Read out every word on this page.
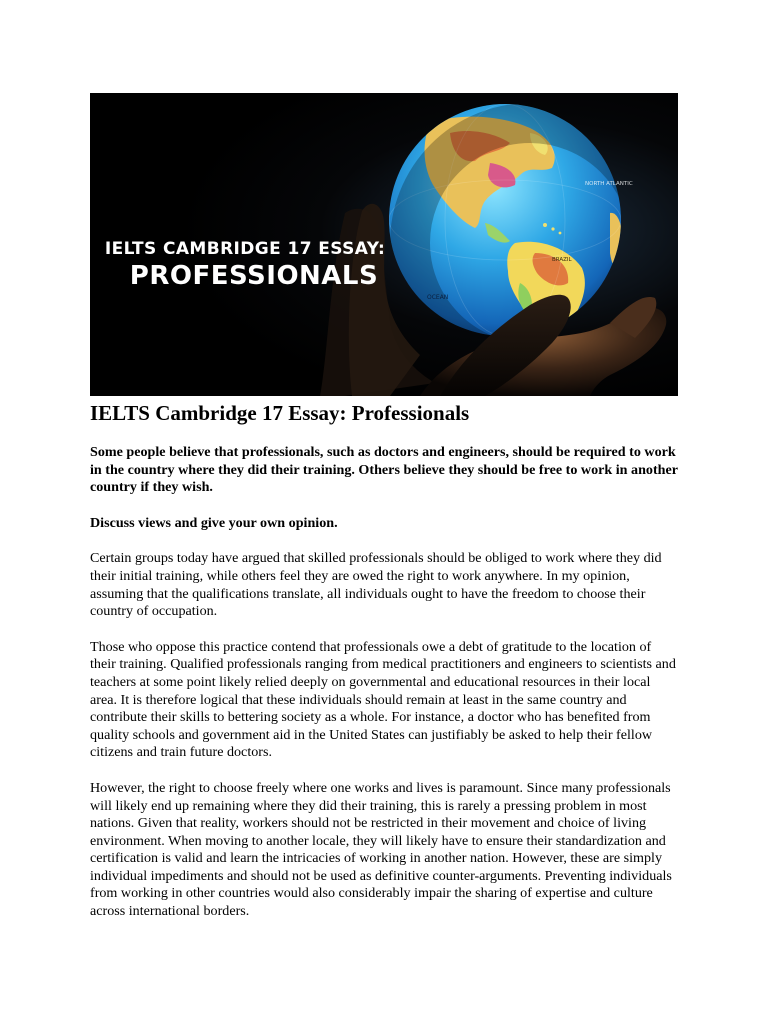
NORTH ATLANTIC
BRAZIL
OCEAN
IELTS CAMBRIDGE 17 ESSAY:
PROFESSIONALS
IELTS Cambridge 17 Essay: Professionals

Some people believe that professionals, such as doctors and engineers, should be required to work in the country where they did their training. Others believe they should be free to work in another country if they wish.

Discuss views and give your own opinion.

Certain groups today have argued that skilled professionals should be obliged to work where they did their initial training, while others feel they are owed the right to work anywhere. In my opinion, assuming that the qualifications translate, all individuals ought to have the freedom to choose their country of occupation.

Those who oppose this practice contend that professionals owe a debt of gratitude to the location of their training. Qualified professionals ranging from medical practitioners and engineers to scientists and teachers at some point likely relied deeply on governmental and educational resources in their local area. It is therefore logical that these individuals should remain at least in the same country and contribute their skills to bettering society as a whole. For instance, a doctor who has benefited from quality schools and government aid in the United States can justifiably be asked to help their fellow citizens and train future doctors.

However, the right to choose freely where one works and lives is paramount. Since many professionals will likely end up remaining where they did their training, this is rarely a pressing problem in most nations. Given that reality, workers should not be restricted in their movement and choice of living environment. When moving to another locale, they will likely have to ensure their standardization and certification is valid and learn the intricacies of working in another nation. However, these are simply individual impediments and should not be used as definitive counter-arguments. Preventing individuals from working in other countries would also considerably impair the sharing of expertise and culture across international borders.
